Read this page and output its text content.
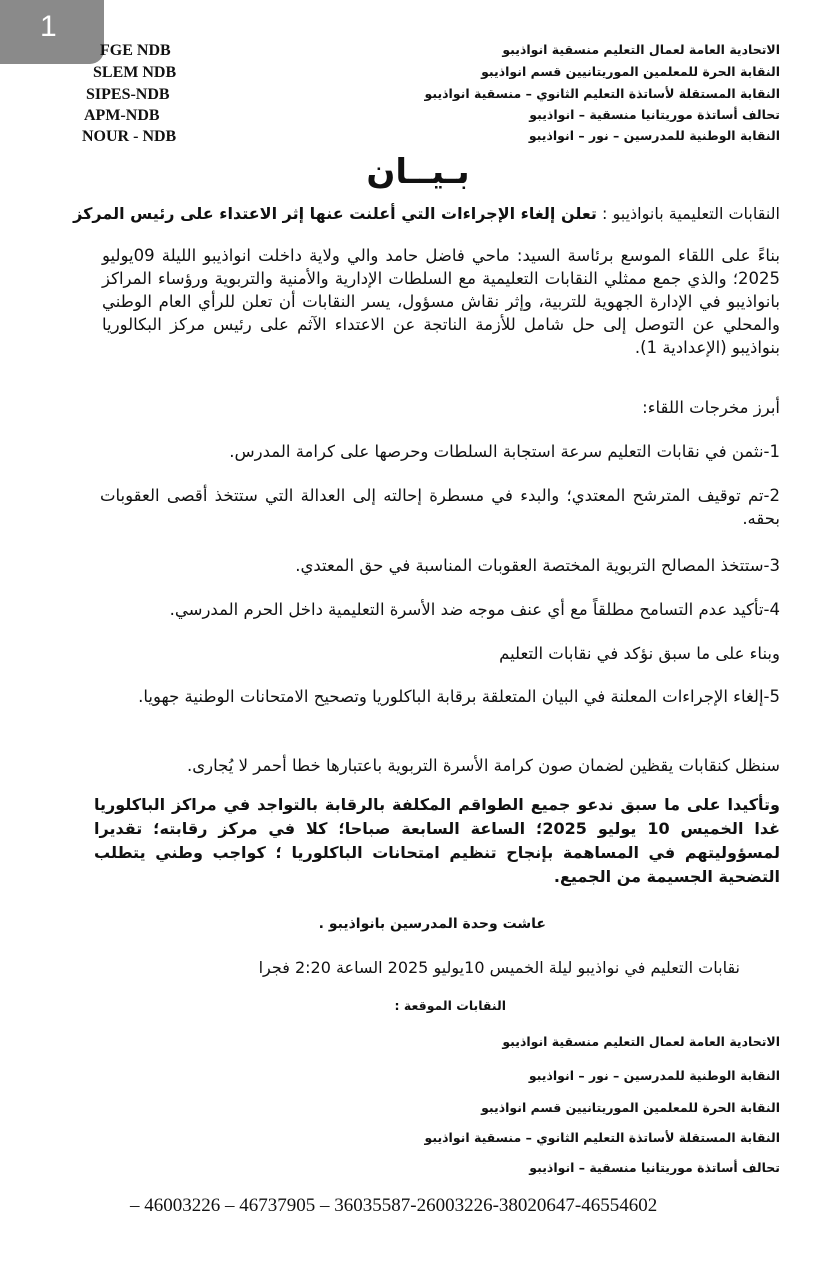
1
FGE NDB
SLEM NDB
SIPES-NDB
APM-NDB
NOUR - NDB
الاتحادية العامة لعمال التعليم منسقية انواذيبو
النقابة الحرة للمعلمين الموريتانيين قسم انواذيبو
النقابة المستقلة لأساتذة التعليم الثانوي – منسقية انواذيبو
تحالف أساتذة موريتانيا منسقية – انواذيبو
النقابة الوطنية للمدرسين – نور – انواذيبو
بـيــان
النقابات التعليمية بانواذيبو : تعلن إلغاء الإجراءات التي أعلنت عنها إثر الاعتداء على رئيس المركز
بناءً على اللقاء الموسع برئاسة السيد: ماحي فاضل حامد والي ولاية داخلت انواذيبو الليلة 09يوليو 2025؛ والذي جمع ممثلي النقابات التعليمية مع السلطات الإدارية والأمنية والتربوية ورؤساء المراكز بانواذيبو في الإدارة الجهوية للتربية، وإثر نقاش مسؤول، يسر النقابات أن تعلن للرأي العام الوطني والمحلي عن التوصل إلى حل شامل للأزمة الناتجة عن الاعتداء الآثم على رئيس مركز البكالوريا بنواذيبو (الإعدادية 1).
أبرز مخرجات اللقاء:
1-نثمن في نقابات التعليم سرعة استجابة السلطات وحرصها على كرامة المدرس.
2-تم توقيف المترشح المعتدي؛ والبدء في مسطرة إحالته إلى العدالة التي ستتخذ أقصى العقوبات بحقه.
3-ستتخذ المصالح التربوية المختصة العقوبات المناسبة في حق المعتدي.
4-تأكيد عدم التسامح مطلقاً مع أي عنف موجه ضد الأسرة التعليمية داخل الحرم المدرسي.
وبناء على ما سبق نؤكد في نقابات التعليم
5-إلغاء الإجراءات المعلنة في البيان المتعلقة برقابة الباكلوريا وتصحيح الامتحانات الوطنية جهويا.
سنظل كنقابات يقظين لضمان صون كرامة الأسرة التربوية باعتبارها خطا أحمر لا يُجارى.
وتأكيدا على ما سبق ندعو جميع الطواقم المكلفة بالرقابة بالتواجد في مراكز الباكلوريا غدا الخميس 10 يوليو 2025؛ الساعة السابعة صباحا؛ كلا في مركز رقابته؛ تقديرا لمسؤوليتهم في المساهمة بإنجاح تنظيم امتحانات الباكلوريا ؛ كواجب وطني يتطلب التضحية الجسيمة من الجميع.
عاشت وحدة المدرسين بانواذيبو .
نقابات التعليم في نواذيبو ليلة الخميس 10يوليو 2025 الساعة 2:20 فجرا
النقابات الموقعة :
الاتحادية العامة لعمال التعليم منسقية انواذيبو
النقابة الوطنية للمدرسين – نور – انواذيبو
النقابة الحرة للمعلمين الموريتانيين قسم انواذيبو
النقابة المستقلة لأساتذة التعليم الثانوي – منسقية انواذيبو
تحالف أساتذة موريتانيا منسقية – انواذيبو
– 46003226 – 46737905 – 36035587-26003226-38020647-46554602
